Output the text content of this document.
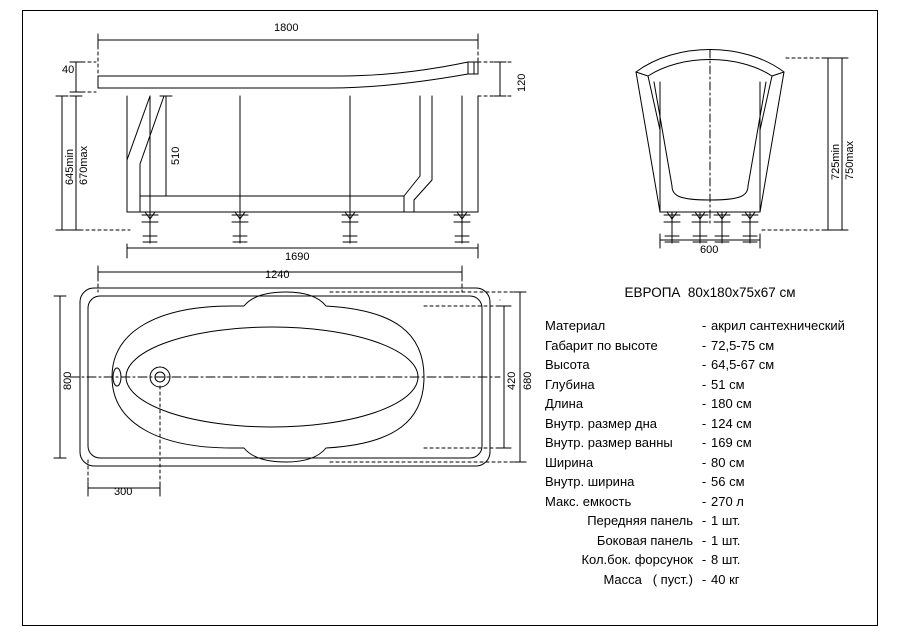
1800
40
120
510
670max
645min
1690
750max
725min
600
1240
800	420 680
300
ЕВРОПА  80x180x75x67 см
Материал	- акрил сантехнический
Габарит по высоте	- 72,5-75 см
Высота	- 64,5-67 см
Глубина	- 51 см
Длина	- 180 см
Внутр. размер дна	- 124 см
Внутр. размер ванны	- 169 см
Ширина	- 80 см
Внутр. ширина	- 56 см
Макс. емкость	- 270 л
Передняя панель - 1 шт.
Боковая панель - 1 шт.
Кол.бок. форсунок - 8 шт.
Масса   ( пуст.) - 40 кг
